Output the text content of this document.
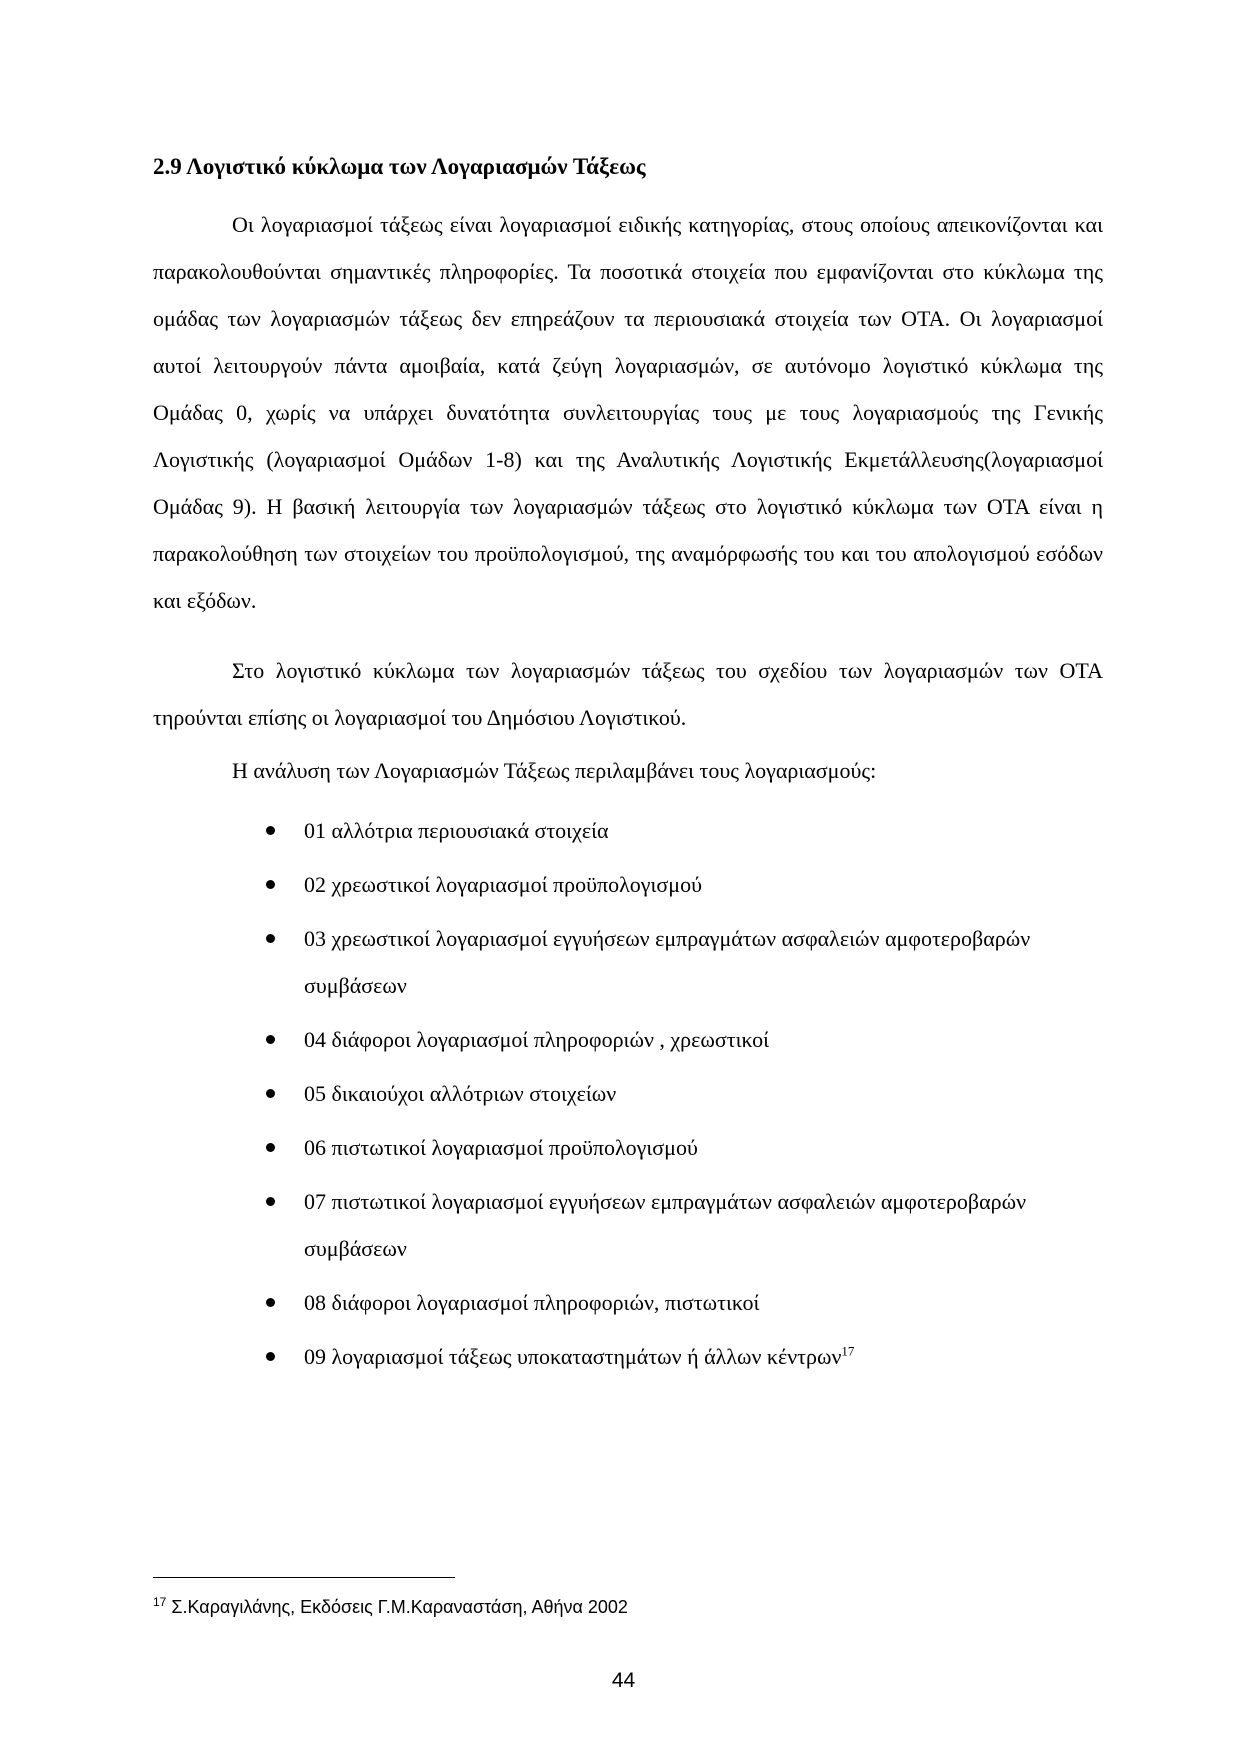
2.9 Λογιστικό κύκλωμα των Λογαριασμών Τάξεως

Οι λογαριασμοί τάξεως είναι λογαριασμοί ειδικής κατηγορίας, στους οποίους απεικονίζονται και παρακολουθούνται σημαντικές πληροφορίες. Τα ποσοτικά στοιχεία που εμφανίζονται στο κύκλωμα της ομάδας των λογαριασμών τάξεως δεν επηρεάζουν τα περιουσιακά στοιχεία των ΟΤΑ. Οι λογαριασμοί αυτοί λειτουργούν πάντα αμοιβαία, κατά ζεύγη λογαριασμών, σε αυτόνομο λογιστικό κύκλωμα της Ομάδας 0, χωρίς να υπάρχει δυνατότητα συνλειτουργίας τους με τους λογαριασμούς της Γενικής Λογιστικής (λογαριασμοί Ομάδων 1-8) και της Αναλυτικής Λογιστικής Εκμετάλλευσης(λογαριασμοί Ομάδας 9). Η βασική λειτουργία των λογαριασμών τάξεως στο λογιστικό κύκλωμα των ΟΤΑ είναι η παρακολούθηση των στοιχείων του προϋπολογισμού, της αναμόρφωσής του και του απολογισμού εσόδων και εξόδων.

Στο λογιστικό κύκλωμα των λογαριασμών τάξεως του σχεδίου των λογαριασμών των ΟΤΑ τηρούνται επίσης οι λογαριασμοί του Δημόσιου Λογιστικού.

Η ανάλυση των Λογαριασμών Τάξεως περιλαμβάνει τους λογαριασμούς:

01 αλλότρια περιουσιακά στοιχεία
02 χρεωστικοί λογαριασμοί προϋπολογισμού
03 χρεωστικοί λογαριασμοί εγγυήσεων εμπραγμάτων ασφαλειών αμφοτεροβαρών συμβάσεων
04 διάφοροι λογαριασμοί πληροφοριών , χρεωστικοί
05 δικαιούχοι αλλότριων στοιχείων
06 πιστωτικοί λογαριασμοί προϋπολογισμού
07 πιστωτικοί λογαριασμοί εγγυήσεων εμπραγμάτων ασφαλειών αμφοτεροβαρών συμβάσεων
08 διάφοροι λογαριασμοί πληροφοριών, πιστωτικοί
09 λογαριασμοί τάξεως υποκαταστημάτων ή άλλων κέντρων$^{17}$
$^{17}$ Σ.Καραγιλάνης, Εκδόσεις Γ.Μ.Καραναστάση, Αθήνα 2002
44
